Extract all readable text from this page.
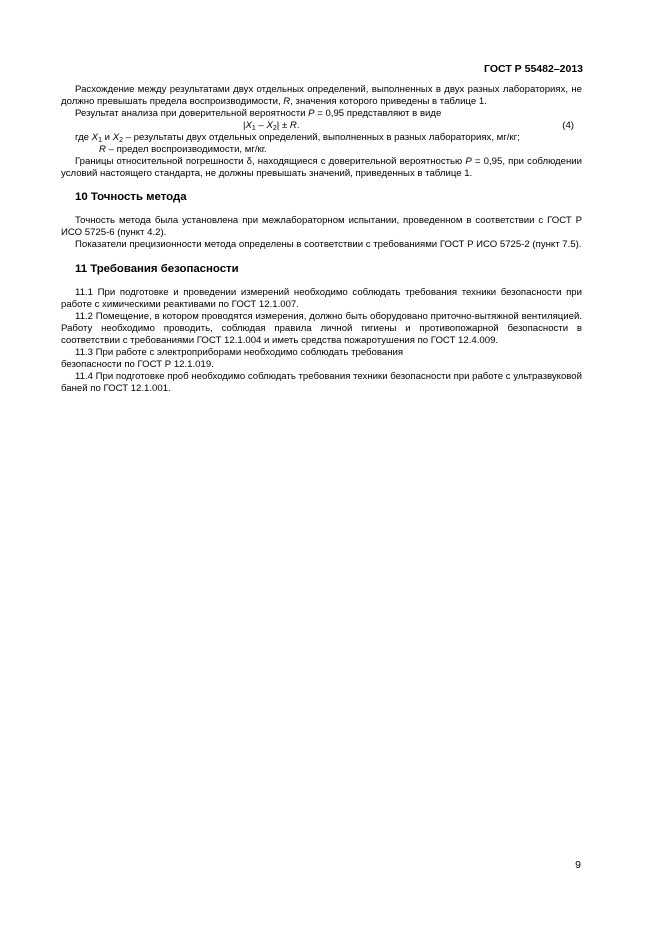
ГОСТ Р 55482–2013

Расхождение между результатами двух отдельных определений, выполненных в двух разных лабораториях, не должно превышать предела воспроизводимости, R, значения которого приведены в таблице 1.

Результат анализа при доверительной вероятности P = 0,95 представляют в виде

$|X_1 - X_2| \pm R$.	(4)

где $X_1$ и $X_2$ – результаты двух отдельных определений, выполненных в разных лабораториях, мг/кг;

R – предел воспроизводимости, мг/кг.

Границы относительной погрешности δ, находящиеся с доверительной вероятностью P = 0,95, при соблюдении условий настоящего стандарта, не должны превышать значений, приведенных в таблице 1.

10 Точность метода

Точность метода была установлена при межлабораторном испытании, проведенном в соответствии с ГОСТ Р ИСО 5725-6 (пункт 4.2).

Показатели прецизионности метода определены в соответствии с требованиями ГОСТ Р ИСО 5725-2 (пункт 7.5).

11 Требования безопасности

11.1 При подготовке и проведении измерений необходимо соблюдать требования техники безопасности при работе с химическими реактивами по ГОСТ 12.1.007.

11.2 Помещение, в котором проводятся измерения, должно быть оборудовано приточно-вытяжной вентиляцией. Работу необходимо проводить, соблюдая правила личной гигиены и противопожарной безопасности в соответствии с требованиями ГОСТ 12.1.004 и иметь средства пожаротушения по ГОСТ 12.4.009.

11.3 При работе с электроприборами необходимо соблюдать требования

безопасности по ГОСТ Р 12.1.019.

11.4 При подготовке проб необходимо соблюдать требования техники безопасности при работе с ультразвуковой баней по ГОСТ 12.1.001.

9
